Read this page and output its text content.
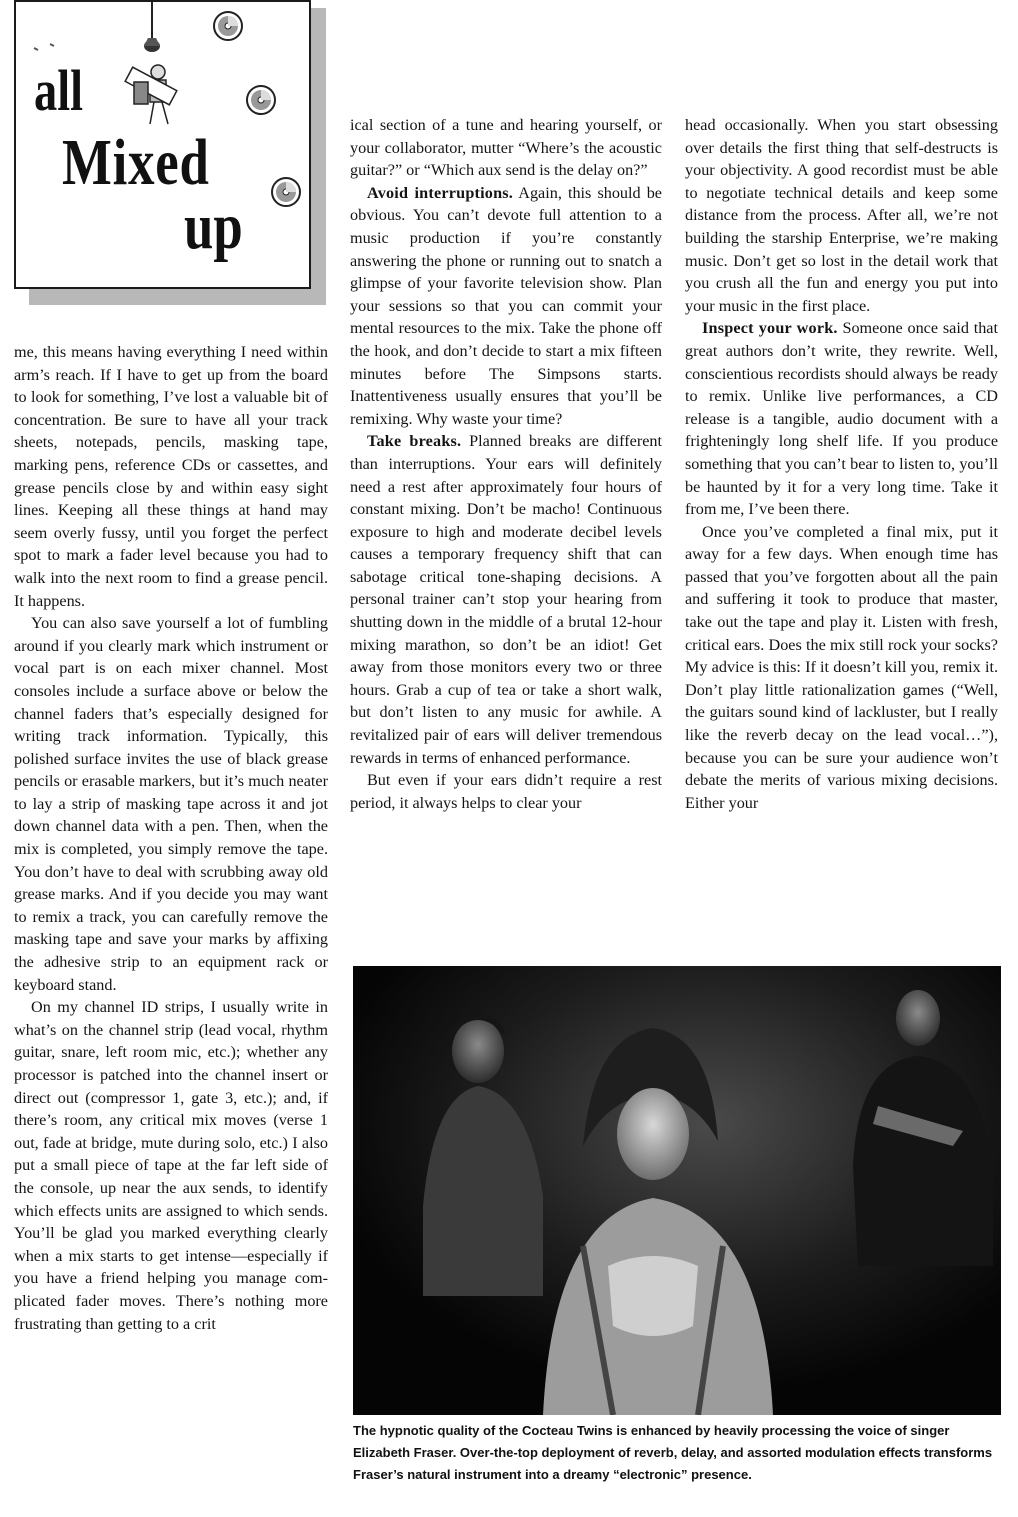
all

Mixed

up

me, this means having everything I need within arm’s reach. If I have to get up from the board to look for something, I’ve lost a valuable bit of concentration. Be sure to have all your track sheets, notepads, pencils, masking tape, marking pens, reference CDs or cassettes, and grease pencils close by and within easy sight lines. Keeping all these things at hand may seem overly fussy, until you forget the perfect spot to mark a fader level because you had to walk into the next room to find a grease pencil. It happens.

You can also save yourself a lot of fumbling around if you clearly mark which instrument or vocal part is on each mixer channel. Most consoles include a surface above or below the channel faders that’s especially designed for writing track information. Typically, this polished surface invites the use of black grease pencils or erasable markers, but it’s much neater to lay a strip of masking tape across it and jot down channel data with a pen. Then, when the mix is completed, you simply remove the tape. You don’t have to deal with scrubbing away old grease marks. And if you decide you may want to remix a track, you can carefully remove the masking tape and save your marks by affixing the adhesive strip to an equipment rack or keyboard stand.

On my channel ID strips, I usually write in what’s on the channel strip (lead vocal, rhythm guitar, snare, left room mic, etc.); whether any processor is patched into the channel insert or direct out (compressor 1, gate 3, etc.); and, if there’s room, any critical mix moves (verse 1 out, fade at bridge, mute during solo, etc.) I also put a small piece of tape at the far left side of the console, up near the aux sends, to identify which effects units are assigned to which sends. You’ll be glad you marked everything clearly when a mix starts to get intense—especially if you have a friend helping you manage complicated fader moves. There’s nothing more frustrating than getting to a crit

ical section of a tune and hearing yourself, or your collaborator, mutter “Where’s the acoustic guitar?” or “Which aux send is the delay on?”

Avoid interruptions. Again, this should be obvious. You can’t devote full attention to a music production if you’re constantly answering the phone or running out to snatch a glimpse of your favorite television show. Plan your sessions so that you can commit your mental resources to the mix. Take the phone off the hook, and don’t decide to start a mix fifteen minutes before The Simpsons starts. Inattentiveness usually ensures that you’ll be remixing. Why waste your time?

Take breaks. Planned breaks are different than interruptions. Your ears will definitely need a rest after approximately four hours of constant mixing. Don’t be macho! Continuous exposure to high and moderate decibel levels causes a temporary frequency shift that can sabotage critical tone-shaping decisions. A personal trainer can’t stop your hearing from shutting down in the middle of a brutal 12-hour mixing marathon, so don’t be an idiot! Get away from those monitors every two or three hours. Grab a cup of tea or take a short walk, but don’t listen to any music for awhile. A revitalized pair of ears will deliver tremendous rewards in terms of enhanced performance.

But even if your ears didn’t require a rest period, it always helps to clear your

head occasionally. When you start obsessing over details the first thing that self-destructs is your objectivity. A good recordist must be able to negotiate technical details and keep some distance from the process. After all, we’re not building the starship Enterprise, we’re making music. Don’t get so lost in the detail work that you crush all the fun and energy you put into your music in the first place.

Inspect your work. Someone once said that great authors don’t write, they rewrite. Well, conscientious recordists should always be ready to remix. Unlike live performances, a CD release is a tangible, audio document with a frighteningly long shelf life. If you produce something that you can’t bear to listen to, you’ll be haunted by it for a very long time. Take it from me, I’ve been there.

Once you’ve completed a final mix, put it away for a few days. When enough time has passed that you’ve forgotten about all the pain and suffering it took to produce that master, take out the tape and play it. Listen with fresh, critical ears. Does the mix still rock your socks? My advice is this: If it doesn’t kill you, remix it. Don’t play little rationalization games (“Well, the guitars sound kind of lackluster, but I really like the reverb decay on the lead vocal…”), because you can be sure your audience won’t debate the merits of various mixing decisions. Either your

The hypnotic quality of the Cocteau Twins is enhanced by heavily processing the voice of singer Elizabeth Fraser. Over-the-top deployment of reverb, delay, and assorted modulation effects transforms Fraser’s natural instrument into a dreamy “electronic” presence.
